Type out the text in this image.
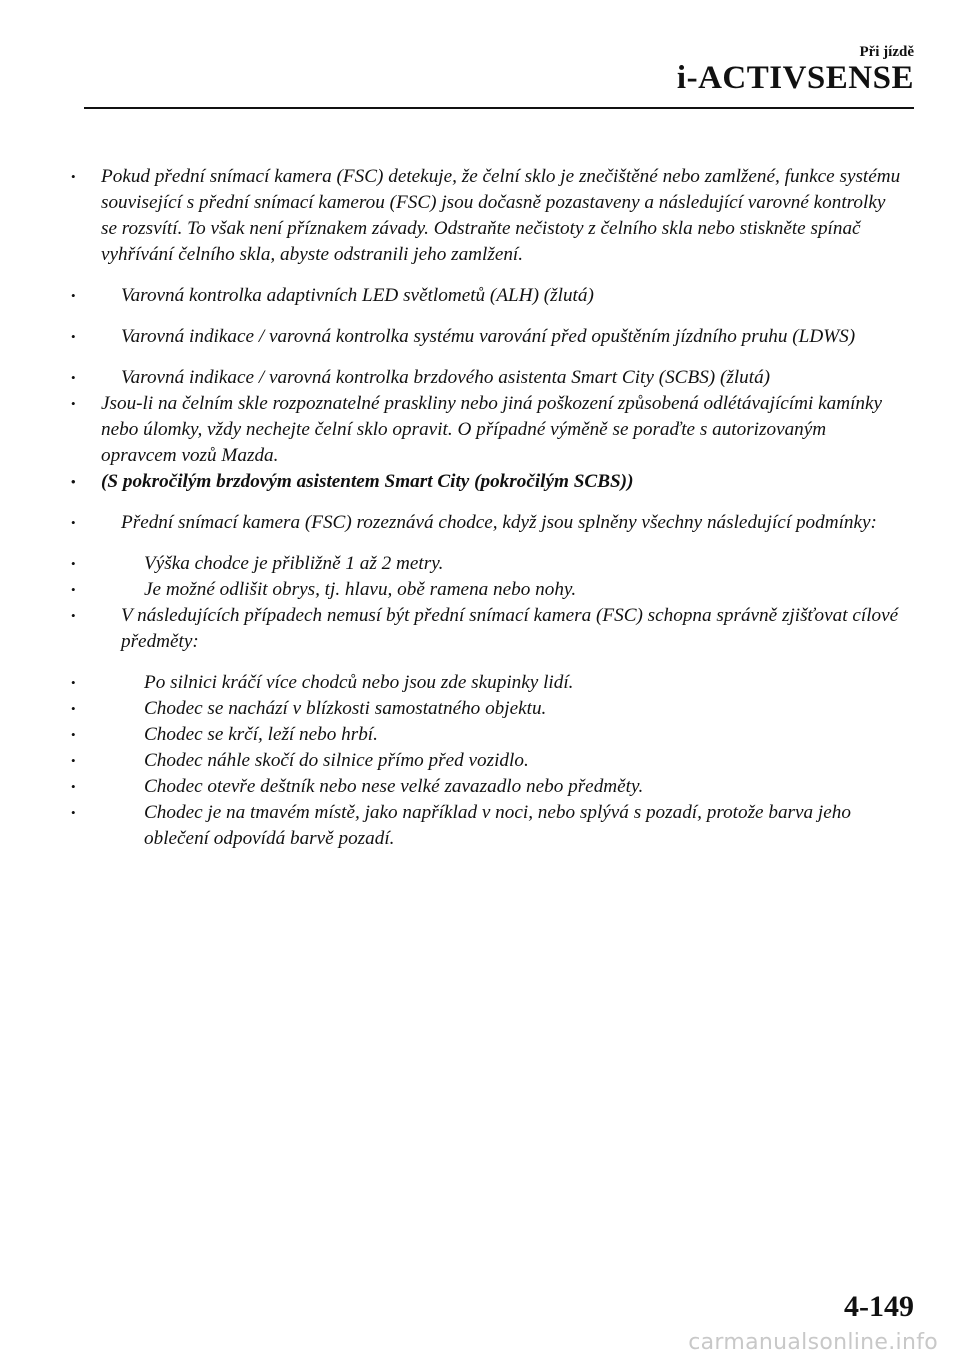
Při jízdě

i-ACTIVSENSE
• Pokud přední snímací kamera (FSC) detekuje, že čelní sklo je znečištěné nebo zamlžené, funkce systému související s přední snímací kamerou (FSC) jsou dočasně pozastaveny a následující varovné kontrolky se rozsvítí. To však není příznakem závady. Odstraňte nečistoty z čelního skla nebo stiskněte spínač vyhřívání čelního skla, abyste odstranili jeho zamlžení.
• Varovná kontrolka adaptivních LED světlometů (ALH) (žlutá)
• Varovná indikace / varovná kontrolka systému varování před opuštěním jízdního pruhu (LDWS)
• Varovná indikace / varovná kontrolka brzdového asistenta Smart City (SCBS) (žlutá)
• Jsou-li na čelním skle rozpoznatelné praskliny nebo jiná poškození způsobená odlétávajícími kamínky nebo úlomky, vždy nechejte čelní sklo opravit. O případné výměně se poraďte s autorizovaným opravcem vozů Mazda.
• (S pokročilým brzdovým asistentem Smart City (pokročilým SCBS))
• Přední snímací kamera (FSC) rozeznává chodce, když jsou splněny všechny následující podmínky:
• Výška chodce je přibližně 1 až 2 metry.
• Je možné odlišit obrys, tj. hlavu, obě ramena nebo nohy.
• V následujících případech nemusí být přední snímací kamera (FSC) schopna správně zjišťovat cílové předměty:
• Po silnici kráčí více chodců nebo jsou zde skupinky lidí.
• Chodec se nachází v blízkosti samostatného objektu.
• Chodec se krčí, leží nebo hrbí.
• Chodec náhle skočí do silnice přímo před vozidlo.
• Chodec otevře deštník nebo nese velké zavazadlo nebo předměty.
• Chodec je na tmavém místě, jako například v noci, nebo splývá s pozadí, protože barva jeho oblečení odpovídá barvě pozadí.

4-149

carmanualsonline.info
